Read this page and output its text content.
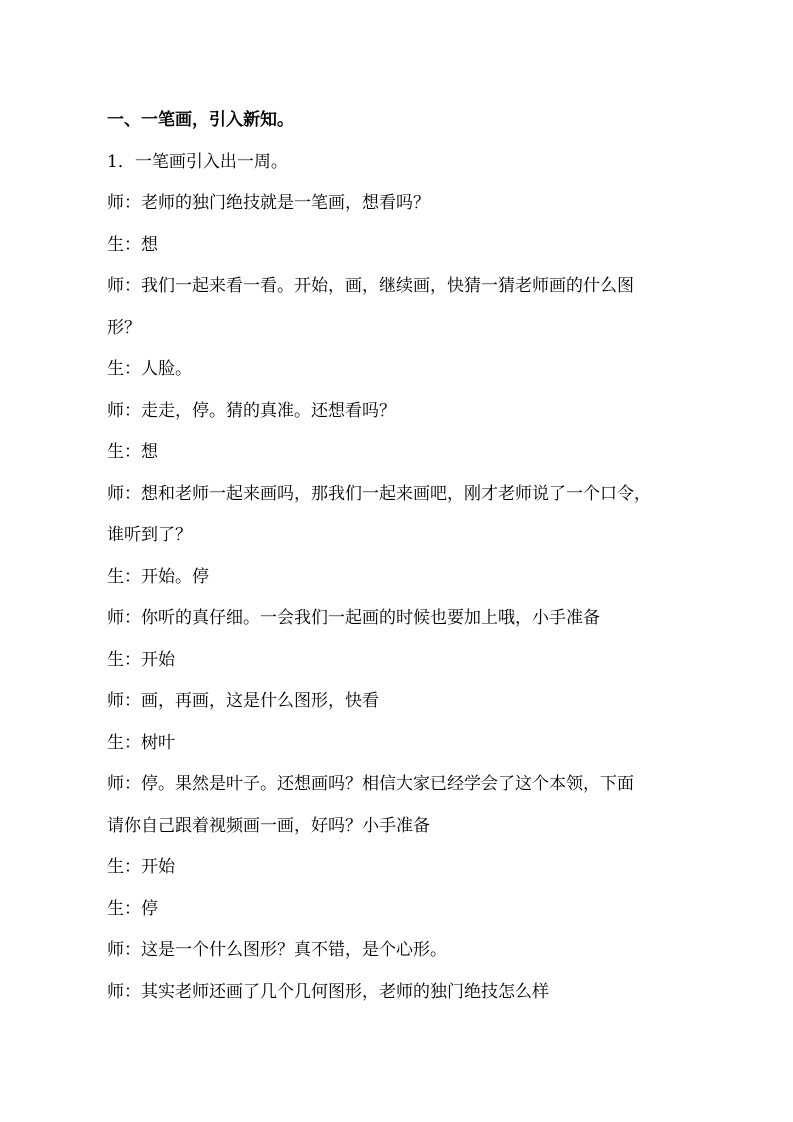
一、一笔画，引入新知。

1．一笔画引入出一周。

师：老师的独门绝技就是一笔画，想看吗？

生：想

师：我们一起来看一看。开始，画，继续画，快猜一猜老师画的什么图
形？

生：人脸。

师：走走，停。猜的真准。还想看吗？

生：想

师：想和老师一起来画吗，那我们一起来画吧，刚才老师说了一个口令，
谁听到了？

生：开始。停

师：你听的真仔细。一会我们一起画的时候也要加上哦，小手准备

生：开始

师：画，再画，这是什么图形，快看

生：树叶

师：停。果然是叶子。还想画吗？相信大家已经学会了这个本领，下面
请你自己跟着视频画一画，好吗？小手准备

生：开始

生：停

师：这是一个什么图形？真不错，是个心形。

师：其实老师还画了几个几何图形，老师的独门绝技怎么样
